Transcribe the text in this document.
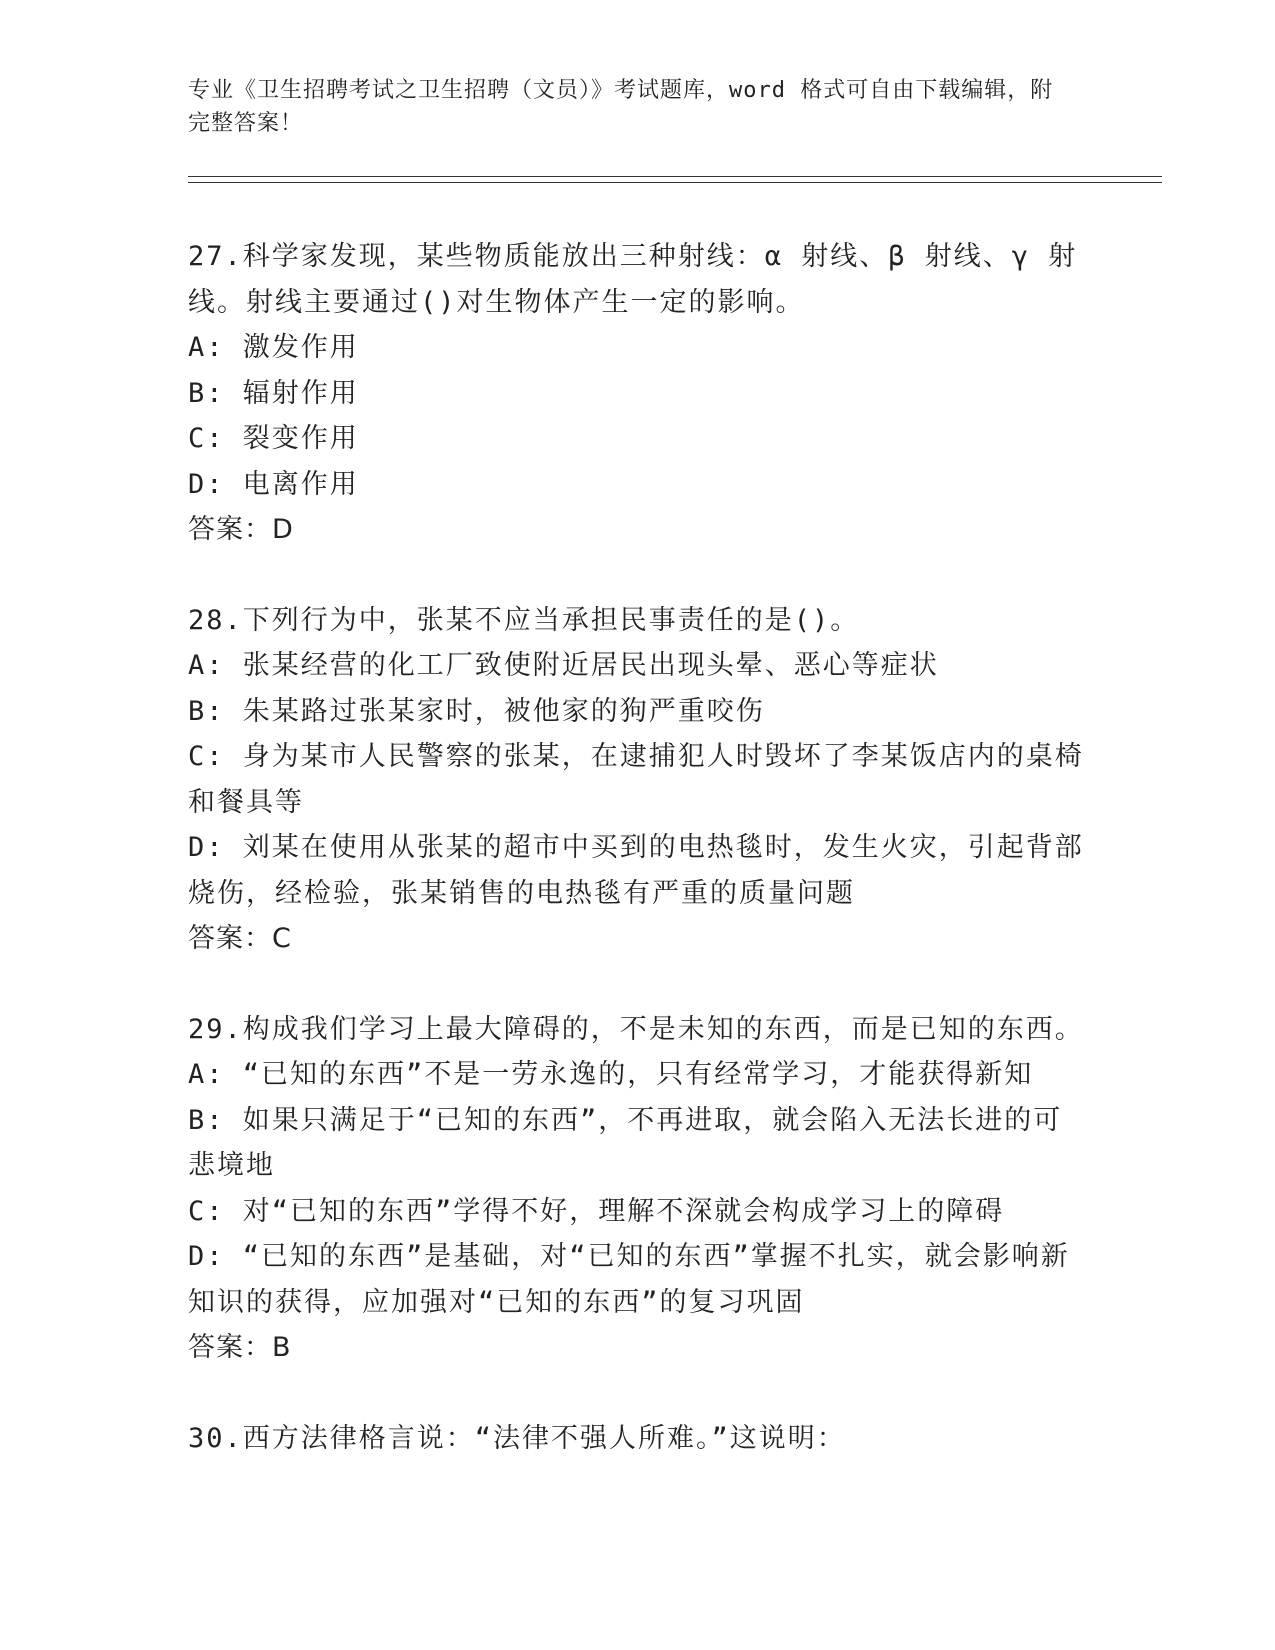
专业《卫生招聘考试之卫生招聘（文员）》考试题库，word 格式可自由下载编辑，附完整答案！

27.科学家发现，某些物质能放出三种射线：α 射线、β 射线、γ 射线。射线主要通过()对生物体产生一定的影响。

A: 激发作用

B: 辐射作用

C: 裂变作用

D: 电离作用

答案：D

28.下列行为中，张某不应当承担民事责任的是()。

A: 张某经营的化工厂致使附近居民出现头晕、恶心等症状

B: 朱某路过张某家时，被他家的狗严重咬伤

C: 身为某市人民警察的张某，在逮捕犯人时毁坏了李某饭店内的桌椅和餐具等

D: 刘某在使用从张某的超市中买到的电热毯时，发生火灾，引起背部烧伤，经检验，张某销售的电热毯有严重的质量问题

答案：C

29.构成我们学习上最大障碍的，不是未知的东西，而是已知的东西。

A: “已知的东西”不是一劳永逸的，只有经常学习，才能获得新知

B: 如果只满足于“已知的东西”，不再进取，就会陷入无法长进的可悲境地

C: 对“已知的东西”学得不好，理解不深就会构成学习上的障碍

D: “已知的东西”是基础，对“已知的东西”掌握不扎实，就会影响新知识的获得，应加强对“已知的东西”的复习巩固

答案：B

30.西方法律格言说：“法律不强人所难。”这说明：
